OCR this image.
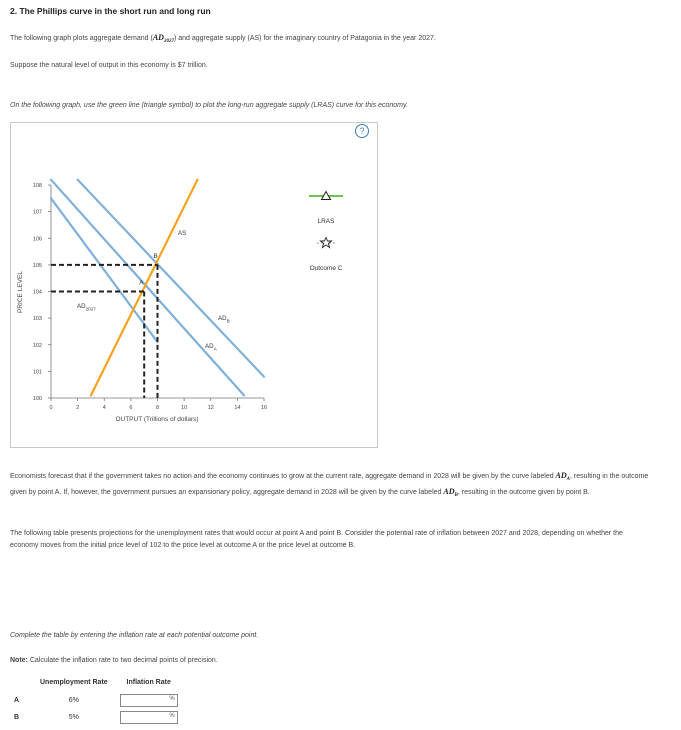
2. The Phillips curve in the short run and long run
The following graph plots aggregate demand $(AD_{2027})$ and aggregate supply (AS) for the imaginary country of Patagonia in the year 2027.
Suppose the natural level of output in this economy is $7 trillion.
On the following graph, use the green line (triangle symbol) to plot the long-run aggregate supply (LRAS) curve for this economy.
?
0	2	4	6	8	10	12	14	16
100
101
102
103
104
105
106
107
108
AS
$AD_{2027}$
$AD_A$
$AD_B$
A
B
PRICE LEVEL
OUTPUT (Trillions of dollars)
LRAS
Outcome C
Economists forecast that if the government takes no action and the economy continues to grow at the current rate, aggregate demand in 2028 will be given by the curve labeled $AD_A$, resulting in the outcome given by point A. If, however, the government pursues an expansionary policy, aggregate demand in 2028 will be given by the curve labeled $AD_B$, resulting in the outcome given by point B.
The following table presents projections for the unemployment rates that would occur at point A and point B. Consider the potential rate of inflation between 2027 and 2028, depending on whether the economy moves from the initial price level of 102 to the price level at outcome A or the price level at outcome B.
Complete the table by entering the inflation rate at each potential outcome point.
Note: Calculate the inflation rate to two decimal points of precision.
	Unemployment Rate	Inflation Rate
A	6%	%

B	5%	%
